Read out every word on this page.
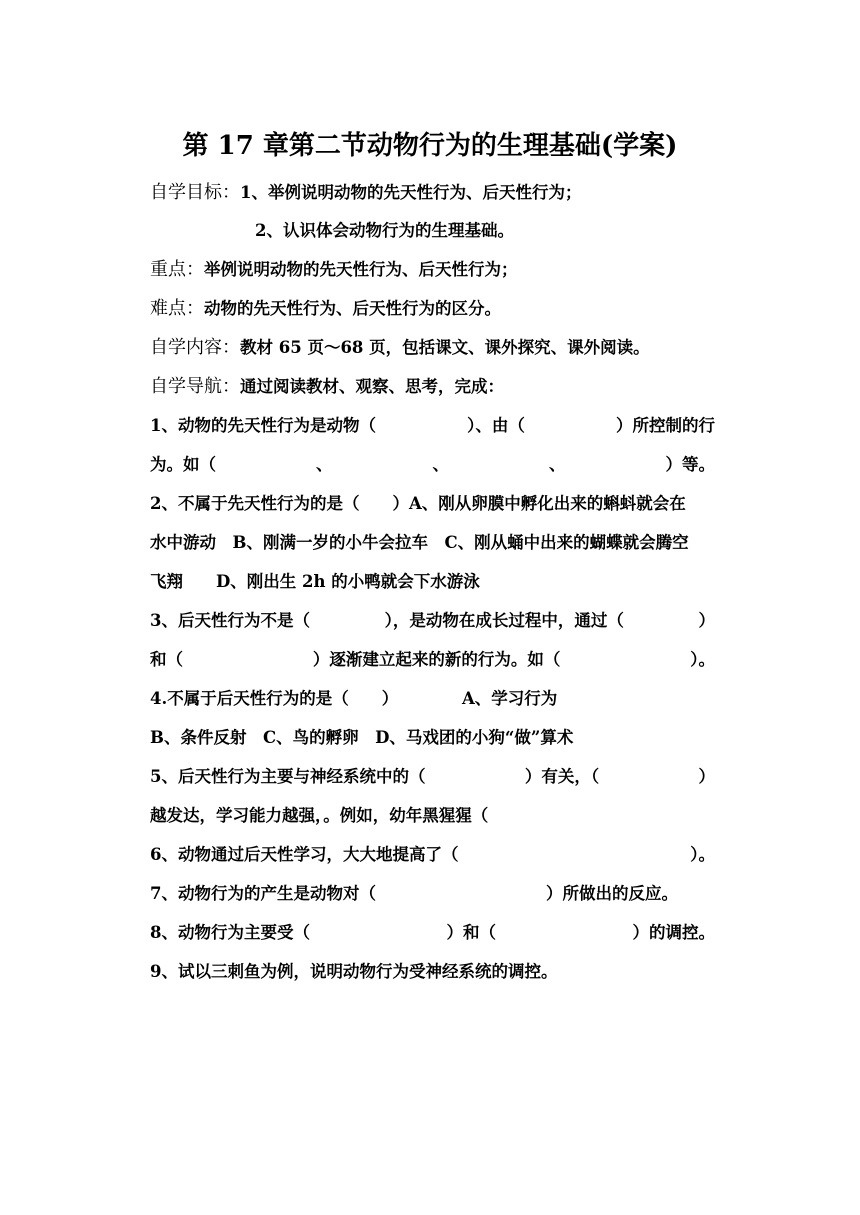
第 17 章第二节动物行为的生理基础(学案)
自学目标：1、举例说明动物的先天性行为、后天性行为；
2、认识体会动物行为的生理基础。
重点：举例说明动物的先天性行为、后天性行为；
难点：动物的先天性行为、后天性行为的区分。
自学内容：教材 65 页～68 页，包括课文、课外探究、课外阅读。
自学导航：通过阅读教材、观察、思考，完成：
1、动物的先天性行为是动物（	）、由（	）所控制的行
为。如（	、	、	、	）等。
2、不属于先天性行为的是（　　）A、刚从卵膜中孵化出来的蝌蚪就会在
水中游动　B、刚满一岁的小牛会拉车　C、刚从蛹中出来的蝴蝶就会腾空
飞翔　　D、刚出生 2h 的小鸭就会下水游泳
3、后天性行为不是（	），是动物在成长过程中，通过（	）
和（	）逐渐建立起来的新的行为。如（	）。
4.不属于后天性行为的是（　　）	A、学习行为
B、条件反射　C、鸟的孵卵　D、马戏团的小狗“做”算术
5、后天性行为主要与神经系统中的（	）有关，（	）
越发达，学习能力越强，。例如，幼年黑猩猩（
6、动物通过后天性学习，大大地提高了（	）。
7、动物行为的产生是动物对（	）所做出的反应。
8、动物行为主要受（	）和（	）的调控。
9、试以三刺鱼为例，说明动物行为受神经系统的调控。
